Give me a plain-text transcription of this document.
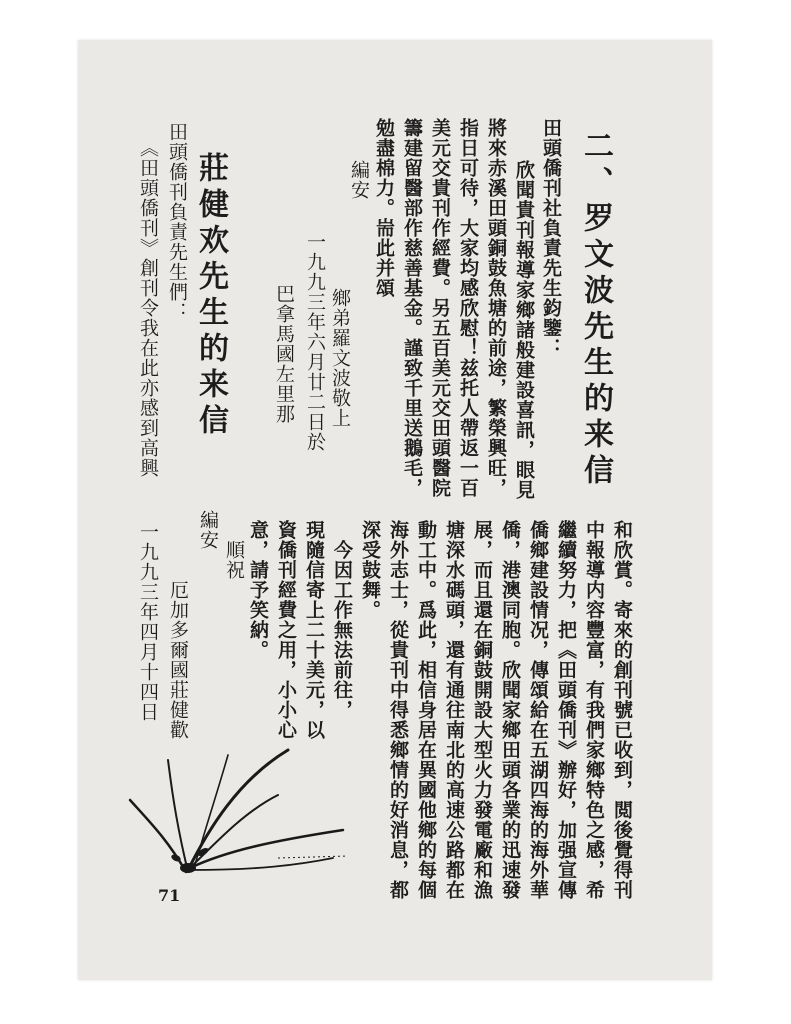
二、罗文波先生的来信
田頭僑刊社負責先生鈞鑒：
欣聞貴刊報導家鄉諸般建設喜訊，眼見
將來赤溪田頭銅鼓魚塘的前途，繁榮興旺，
指日可待，大家均感欣慰！兹托人帶返一百
美元交貴刊作經費。另五百美元交田頭醫院
籌建留醫部作慈善基金。謹致千里送鵝毛，
勉盡棉力。耑此并頌
編安
鄉弟羅文波敬上
一九九三年六月廿二日於
巴拿馬國左里那
莊健欢先生的来信
田頭僑刊負責先生們：
《田頭僑刊》創刊令我在此亦感到高興
和欣賞。寄來的創刊號已收到，閲後覺得刊
中報導内容豐富，有我們家鄉特色之感，希
繼續努力，把《田頭僑刊》辦好，加强宣傳
僑鄉建設情况，傳頌給在五湖四海的海外華
僑，港澳同胞。欣聞家鄉田頭各業的迅速發
展，而且還在銅鼓開設大型火力發電廠和漁
塘深水碼頭，還有通往南北的高速公路都在
動工中。爲此，相信身居在異國他鄉的每個
海外志士，從貴刊中得悉鄉情的好消息，都
深受鼓舞。
　今因工作無法前往，
現隨信寄上二十美元，以
資僑刊經費之用，小小心
意，請予笑納。
順祝
編安
厄加多爾國莊健歡
一九九三年四月十四日
71
